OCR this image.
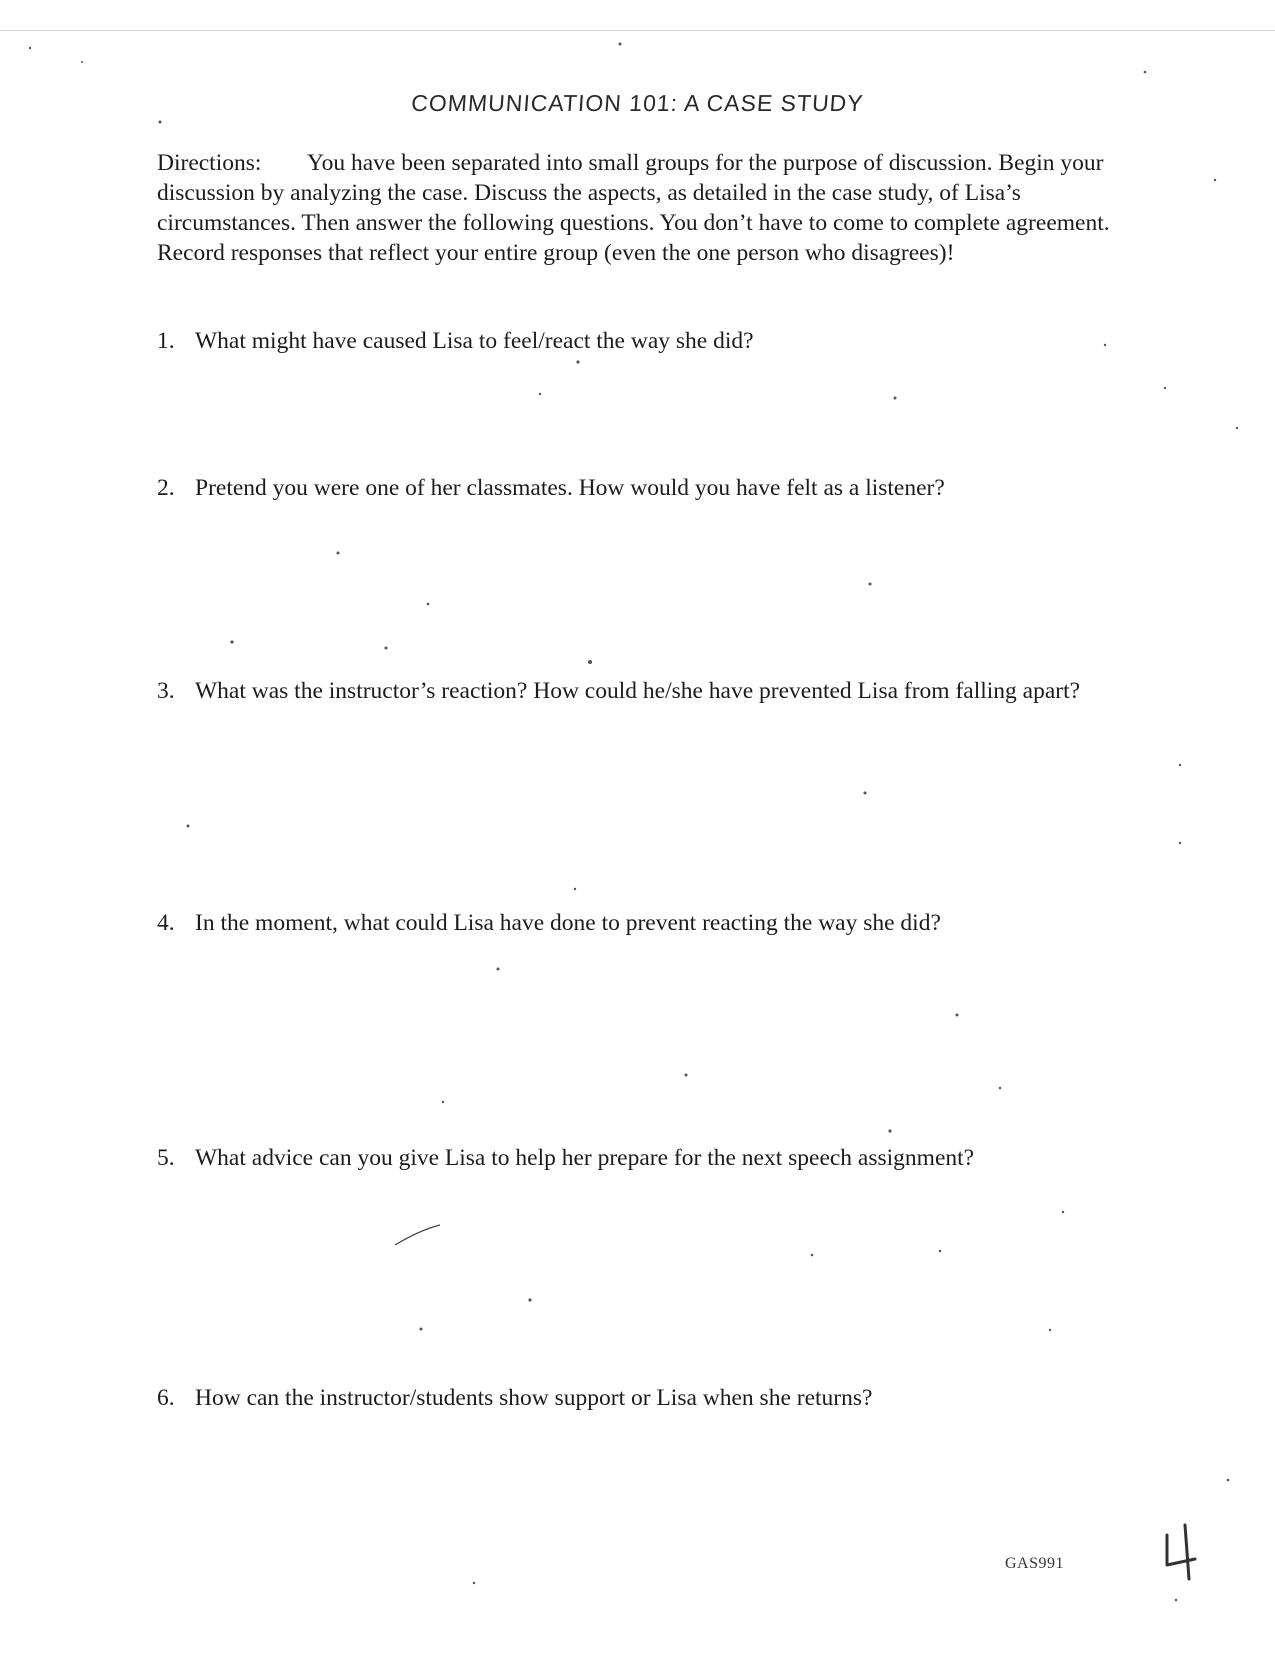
COMMUNICATION 101: A CASE STUDY
Directions: You have been separated into small groups for the purpose of discussion. Begin your discussion by analyzing the case. Discuss the aspects, as detailed in the case study, of Lisa’s circumstances. Then answer the following questions. You don’t have to come to complete agreement. Record responses that reflect your entire group (even the one person who disagrees)!
1. What might have caused Lisa to feel/react the way she did?
2. Pretend you were one of her classmates. How would you have felt as a listener?
3. What was the instructor’s reaction? How could he/she have prevented Lisa from falling apart?
4. In the moment, what could Lisa have done to prevent reacting the way she did?
5. What advice can you give Lisa to help her prepare for the next speech assignment?
6. How can the instructor/students show support or Lisa when she returns?
GAS991
